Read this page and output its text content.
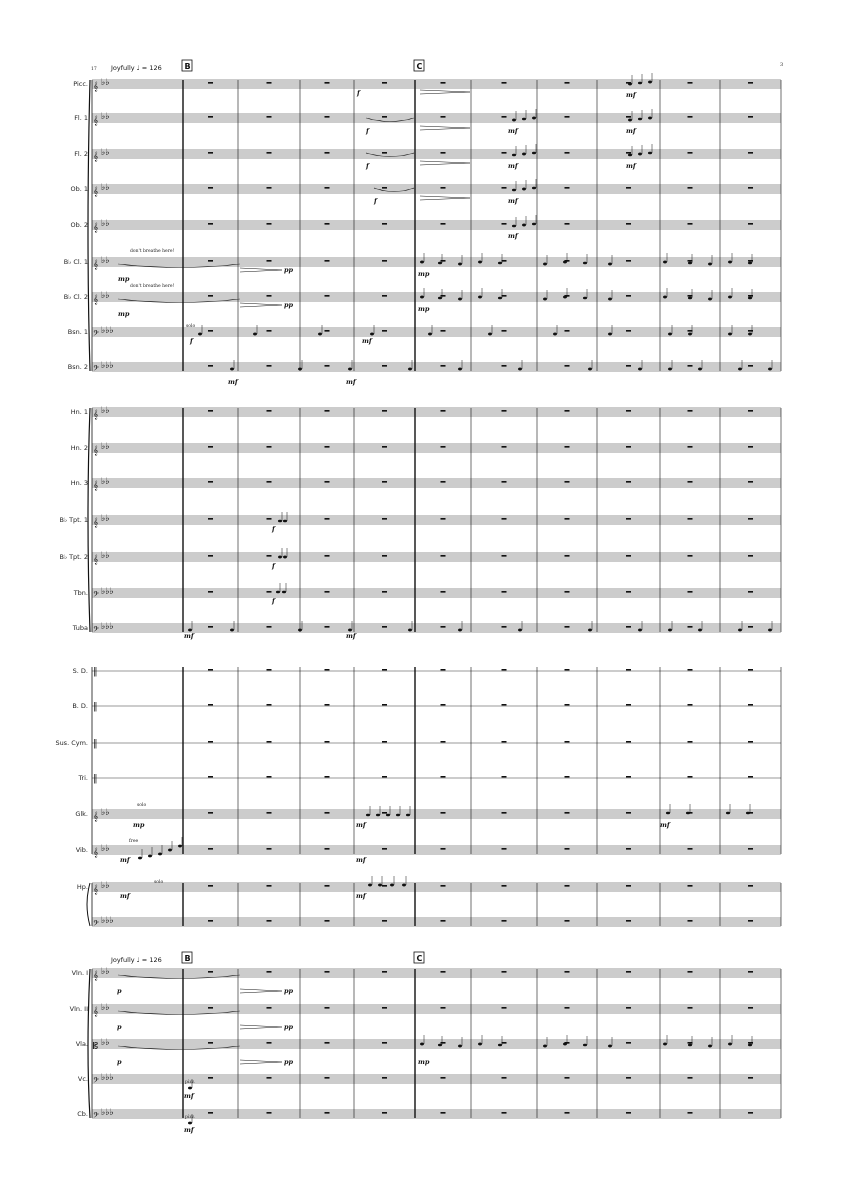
3
17 Joyfully ♩ = 126
Joyfully ♩ = 126
B	C
B	C
Picc. 𝄞 ♭♭
Fl. 1 𝄞 ♭♭
Fl. 2 𝄞 ♭♭
Ob. 1 𝄞 ♭♭
Ob. 2 𝄞 ♭♭
B♭ Cl. 1 𝄞 ♭♭
B♭ Cl. 2 𝄞 ♭♭
Bsn. 1 𝄢 ♭♭♭
Bsn. 2 𝄢 ♭♭♭
Hn. 1 𝄞 ♭♭
Hn. 2 𝄞 ♭♭
Hn. 3 𝄞 ♭♭
B♭ Tpt. 1 𝄞 ♭♭
B♭ Tpt. 2 𝄞 ♭♭
Tbn. 𝄢 ♭♭♭
Tuba 𝄢 ♭♭♭
S. D. ‖
B. D. ‖
Sus. Cym. ‖
Tri. ‖
Glk. 𝄞 ♭♭
Vib. 𝄞 ♭♭
Hp. 𝄞 ♭♭
𝄢 ♭♭♭
Vln. I 𝄞 ♭♭
Vln. II 𝄞 ♭♭
Vla. 𝄡 ♭♭
Vc. 𝄢 ♭♭♭
Cb. 𝄢 ♭♭♭
f
f
f
f
mf
mf
mf
mf
mf
mf
mf
mp
mp
pp
pp
mp
mp
f	mf
mf	mf
f
f
f
mf	mf
mp	mf	mf
mf	mf
mf	mf
p
p
p
pp
pp
pp	mp
mf
mf
don't breathe here!
don't breathe here!
solo
free
solo
solo
pizz.
pizz.
